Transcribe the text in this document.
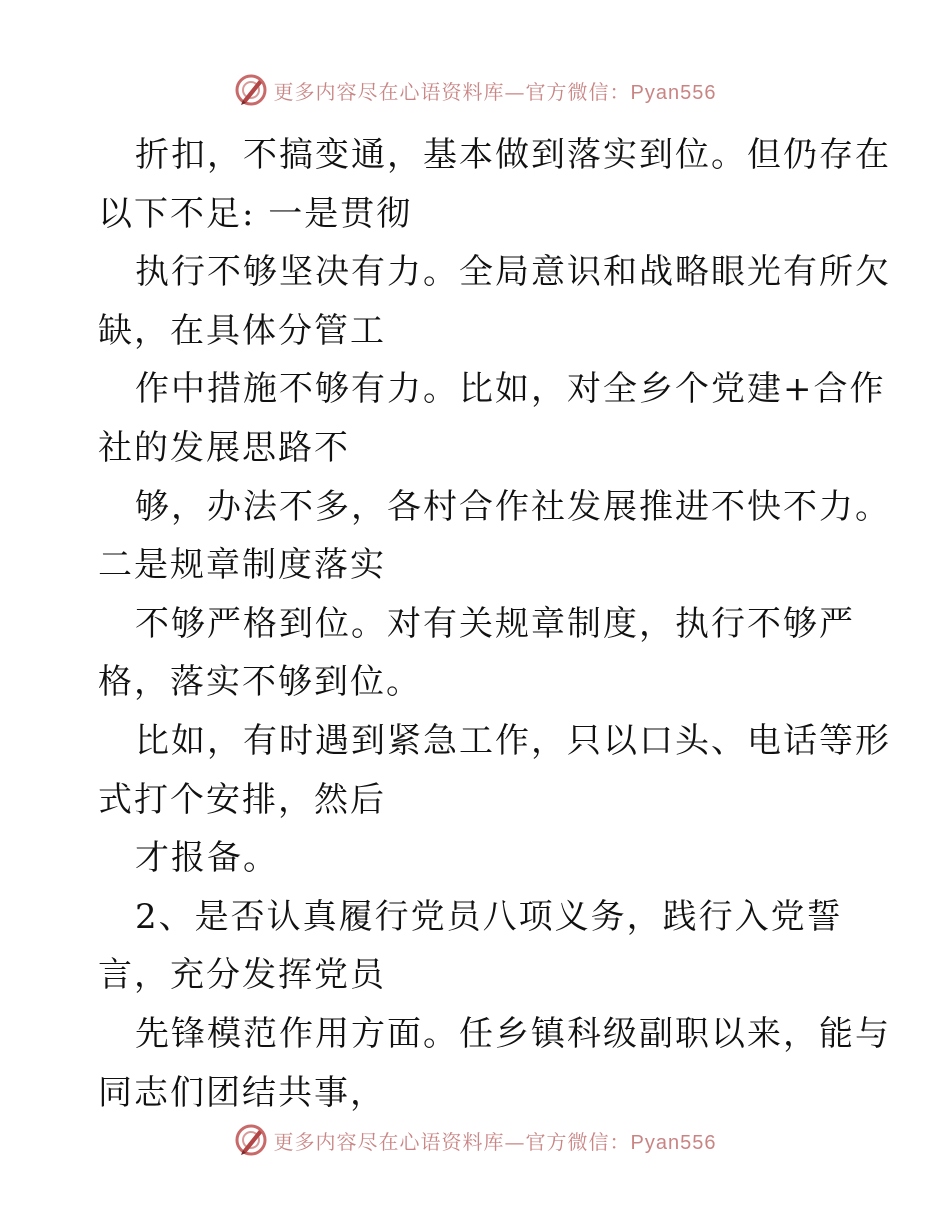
更多内容尽在心语资料库—官方微信：Pyan556
折扣，不搞变通，基本做到落实到位。但仍存在
以下不足: 一是贯彻
执行不够坚决有力。全局意识和战略眼光有所欠
缺，在具体分管工
作中措施不够有力。比如，对全乡个党建+合作
社的发展思路不
够，办法不多，各村合作社发展推进不快不力。
二是规章制度落实
不够严格到位。对有关规章制度，执行不够严
格，落实不够到位。
比如，有时遇到紧急工作，只以口头、电话等形
式打个安排，然后
才报备。
2、是否认真履行党员八项义务，践行入党誓
言，充分发挥党员
先锋模范作用方面。任乡镇科级副职以来，能与
同志们团结共事，
更多内容尽在心语资料库—官方微信：Pyan556
